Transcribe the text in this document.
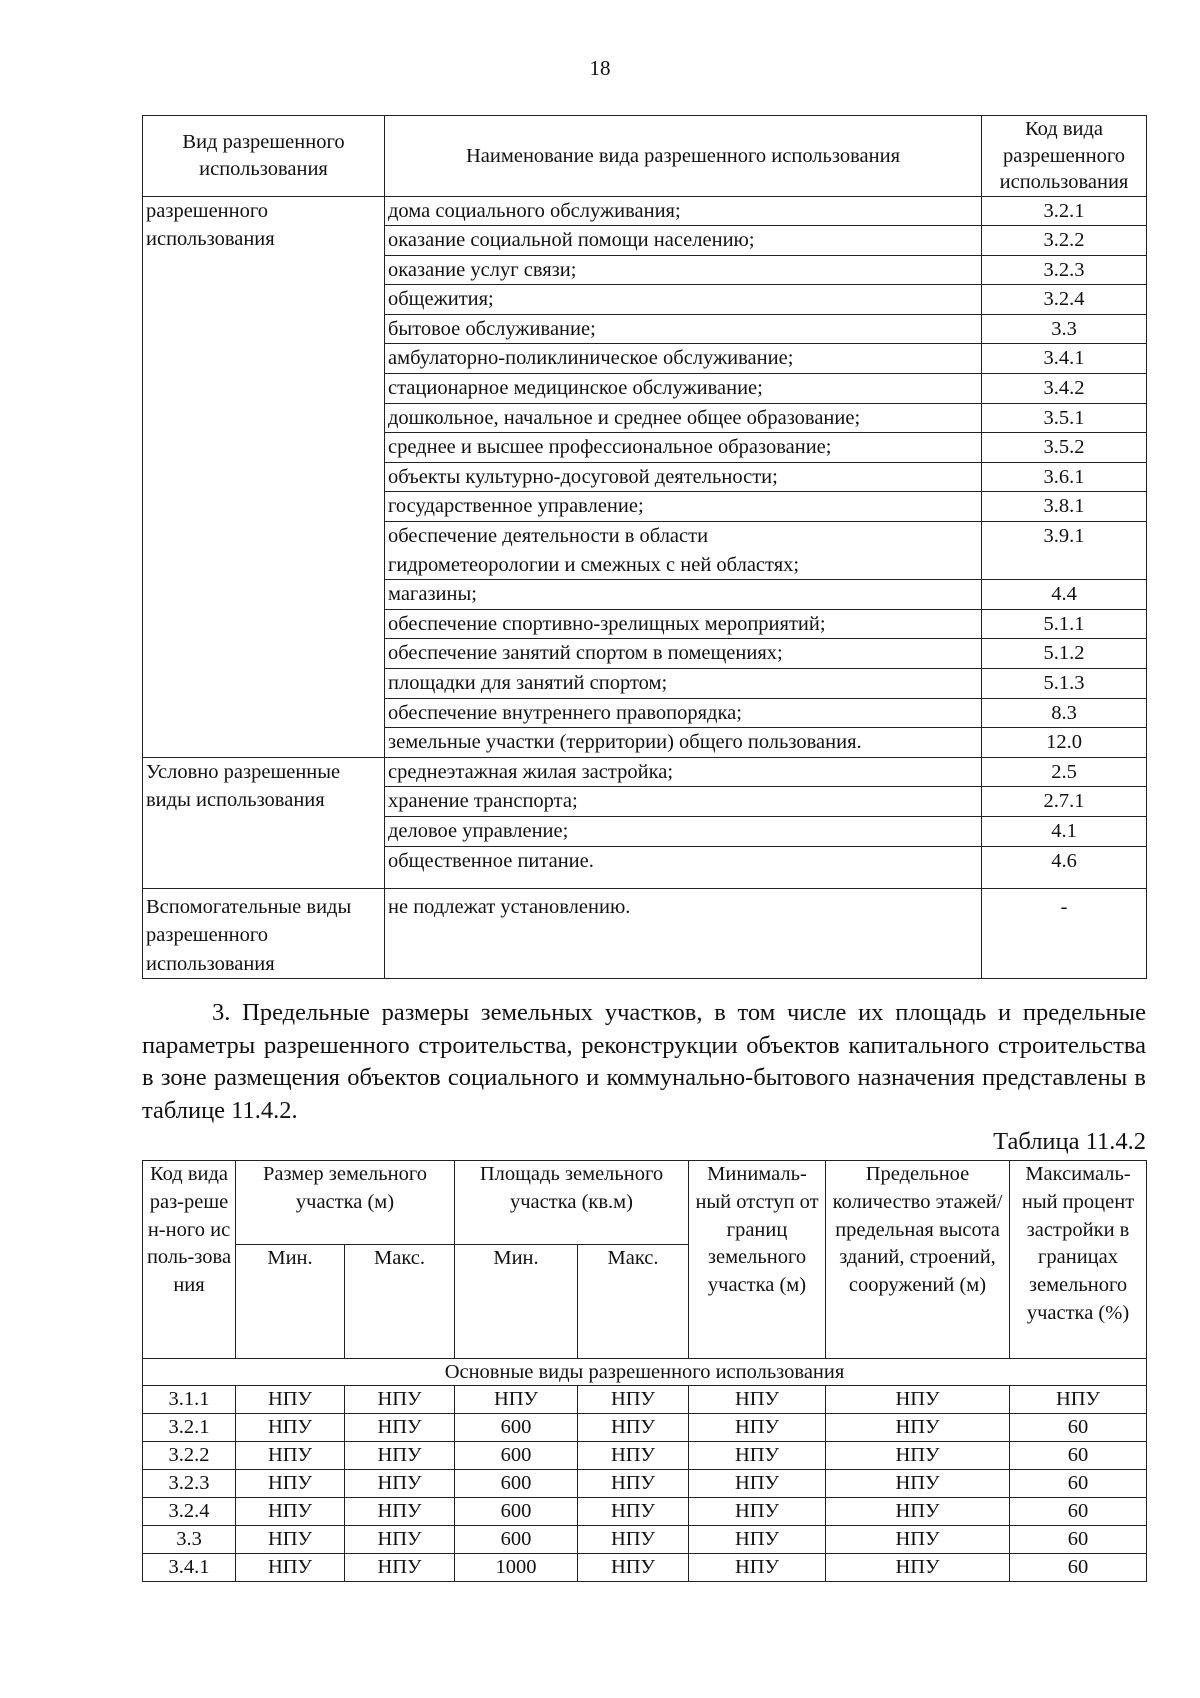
18
Вид разрешенного использования	Наименование вида разрешенного использования	Код вида разрешенного использования
разрешенного использования	дома социального обслуживания;	3.2.1
	оказание социальной помощи населению;	3.2.2
	оказание услуг связи;	3.2.3
	общежития;	3.2.4
	бытовое обслуживание;	3.3
	амбулаторно-поликлиническое обслуживание;	3.4.1
	стационарное медицинское обслуживание;	3.4.2
	дошкольное, начальное и среднее общее образование;	3.5.1
	среднее и высшее профессиональное образование;	3.5.2
	объекты культурно-досуговой деятельности;	3.6.1
	государственное управление;	3.8.1
	обеспечение деятельности в области
гидрометеорологии и смежных с ней областях;	3.9.1
	магазины;	4.4
	обеспечение спортивно-зрелищных мероприятий;	5.1.1
	обеспечение занятий спортом в помещениях;	5.1.2
	площадки для занятий спортом;	5.1.3
	обеспечение внутреннего правопорядка;	8.3
	земельные участки (территории) общего пользования.	12.0
Условно разрешенные виды использования	среднеэтажная жилая застройка;	2.5
	хранение транспорта;	2.7.1
	деловое управление;	4.1
	общественное питание.	4.6
Вспомогательные виды разрешенного использования	не подлежат установлению.	-
3. Предельные размеры земельных участков, в том числе их площадь и предельные параметры разрешенного строительства, реконструкции объектов капитального строительства в зоне размещения объектов социального и коммунально-бытового назначения представлены в таблице 11.4.2.
Таблица 11.4.2
Код вида раз-решен-ного исполь-зования	Размер земельного участка (м)		Площадь земельного участка (кв.м)		Минималь-ный отступ от границ земельного участка (м)	Предельное количество этажей/ предельная высота зданий, строений, сооружений (м)	Максималь-ный процент застройки в границах земельного участка (%)
	Мин.	Макс.	Мин.	Макс.			
Основные виды разрешенного использования							
3.1.1	НПУ	НПУ	НПУ	НПУ	НПУ	НПУ	НПУ
3.2.1	НПУ	НПУ	600	НПУ	НПУ	НПУ	60
3.2.2	НПУ	НПУ	600	НПУ	НПУ	НПУ	60
3.2.3	НПУ	НПУ	600	НПУ	НПУ	НПУ	60
3.2.4	НПУ	НПУ	600	НПУ	НПУ	НПУ	60
3.3	НПУ	НПУ	600	НПУ	НПУ	НПУ	60
3.4.1	НПУ	НПУ	1000	НПУ	НПУ	НПУ	60
